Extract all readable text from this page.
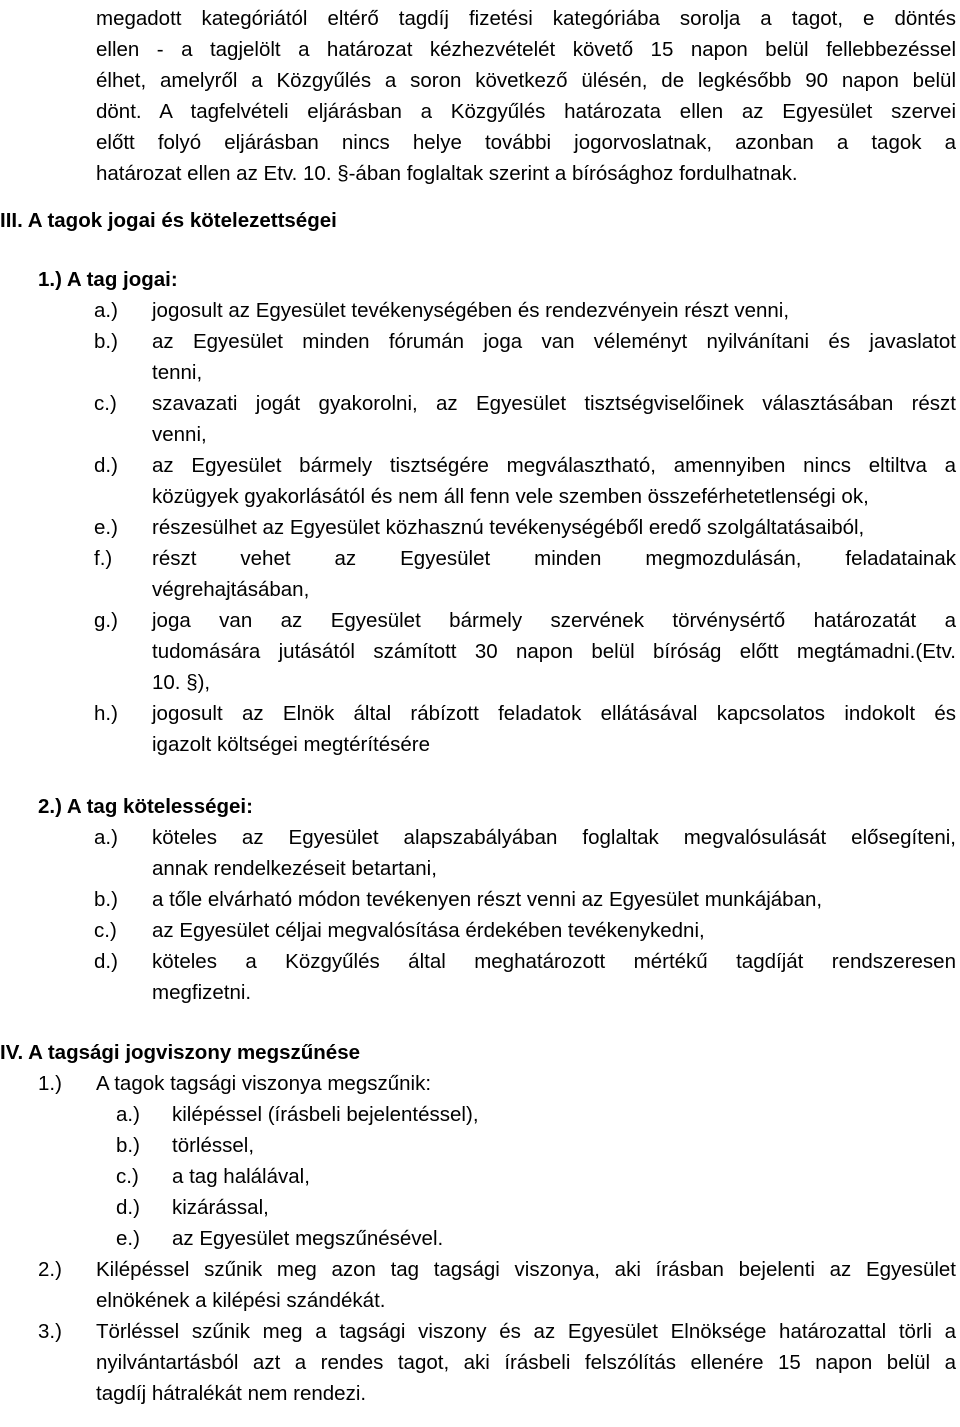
megadott kategóriától eltérő tagdíj fizetési kategóriába sorolja a tagot, e döntés
ellen - a tagjelölt a határozat kézhezvételét követő 15 napon belül fellebbezéssel
élhet, amelyről a Közgyűlés a soron következő ülésén, de legkésőbb 90 napon belül
dönt. A tagfelvételi eljárásban a Közgyűlés határozata ellen az Egyesület szervei
előtt folyó eljárásban nincs helye további jogorvoslatnak, azonban a tagok a
határozat ellen az Etv. 10. §-ában foglaltak szerint a bírósághoz fordulhatnak.
III. A tagok jogai és kötelezettségei
1.) A tag jogai:
a.)	jogosult az Egyesület tevékenységében és rendezvényein részt venni,
b.)	az Egyesület minden fórumán joga van véleményt nyilvánítani és javaslatot
tenni,
c.)	szavazati jogát gyakorolni, az Egyesület tisztségviselőinek választásában részt
venni,
d.)	az Egyesület bármely tisztségére megválasztható, amennyiben nincs eltiltva a
közügyek gyakorlásától és nem áll fenn vele szemben összeférhetetlenségi ok,
e.)	részesülhet az Egyesület közhasznú tevékenységéből eredő szolgáltatásaiból,
f.)	részt vehet az Egyesület minden megmozdulásán, feladatainak
végrehajtásában,
g.)	joga van az Egyesület bármely szervének törvénysértő határozatát a
tudomására jutásától számított 30 napon belül bíróság előtt megtámadni.(Etv.
10. §),
h.)	jogosult az Elnök által rábízott feladatok ellátásával kapcsolatos indokolt és
igazolt költségei megtérítésére
2.) A tag kötelességei:
a.)	köteles az Egyesület alapszabályában foglaltak megvalósulását elősegíteni,
annak rendelkezéseit betartani,
b.)	a tőle elvárható módon tevékenyen részt venni az Egyesület munkájában,
c.)	az Egyesület céljai megvalósítása érdekében tevékenykedni,
d.)	köteles a Közgyűlés által meghatározott mértékű tagdíját rendszeresen
megfizetni.
IV. A tagsági jogviszony megszűnése
1.)	A tagok tagsági viszonya megszűnik:
a.)	kilépéssel (írásbeli bejelentéssel),
b.)	törléssel,
c.)	a tag halálával,
d.)	kizárással,
e.)	az Egyesület megszűnésével.
2.)	Kilépéssel szűnik meg azon tag tagsági viszonya, aki írásban bejelenti az Egyesület
elnökének a kilépési szándékát.
3.)	Törléssel szűnik meg a tagsági viszony és az Egyesület Elnöksége határozattal törli a
nyilvántartásból azt a rendes tagot, aki írásbeli felszólítás ellenére 15 napon belül a
tagdíj hátralékát nem rendezi.
